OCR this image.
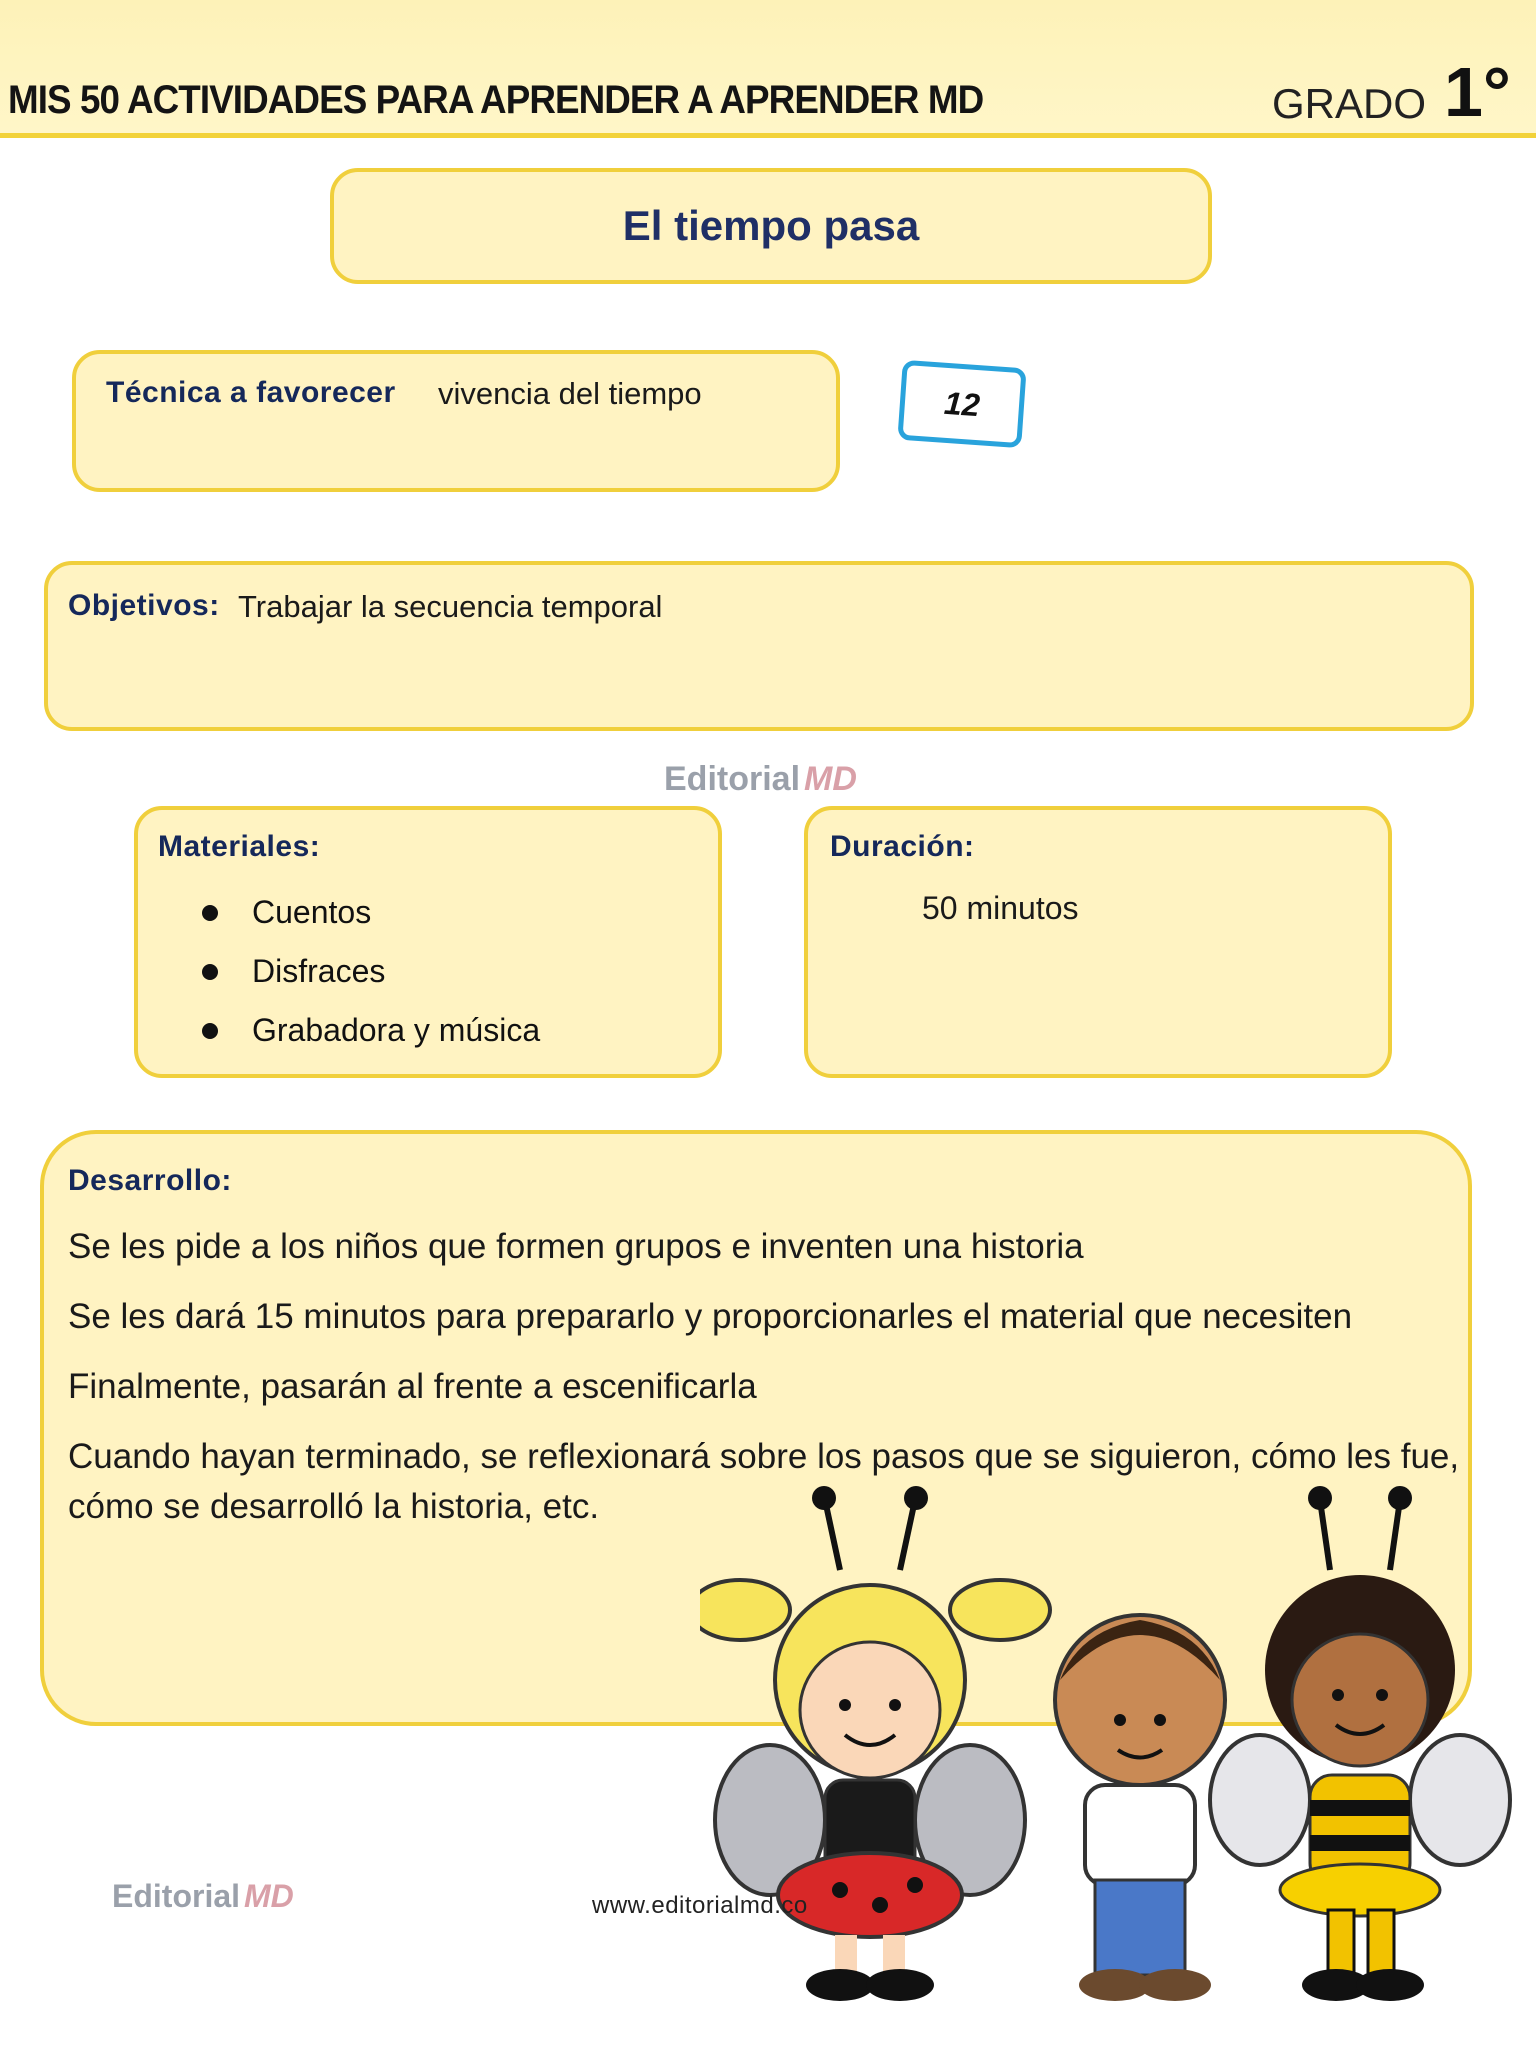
MIS 50 ACTIVIDADES PARA APRENDER A APRENDER MD	GRADO 1°
El tiempo pasa
Técnica a favorecer vivencia del tiempo	12
Objetivos: Trabajar la secuencia temporal
Editorial MD
Materiales:
Cuentos
Disfraces
Grabadora y música
Duración:
50 minutos
Desarrollo:
Se les pide a los niños que formen grupos e inventen una historia
Se les dará 15 minutos para prepararlo y proporcionarles el material que necesiten
Finalmente, pasarán al frente a escenificarla
Cuando hayan terminado, se reflexionará sobre los pasos que se siguieron, cómo les fue,
cómo se desarrolló la historia, etc.
Editorial MD	www.editorialmd.co
